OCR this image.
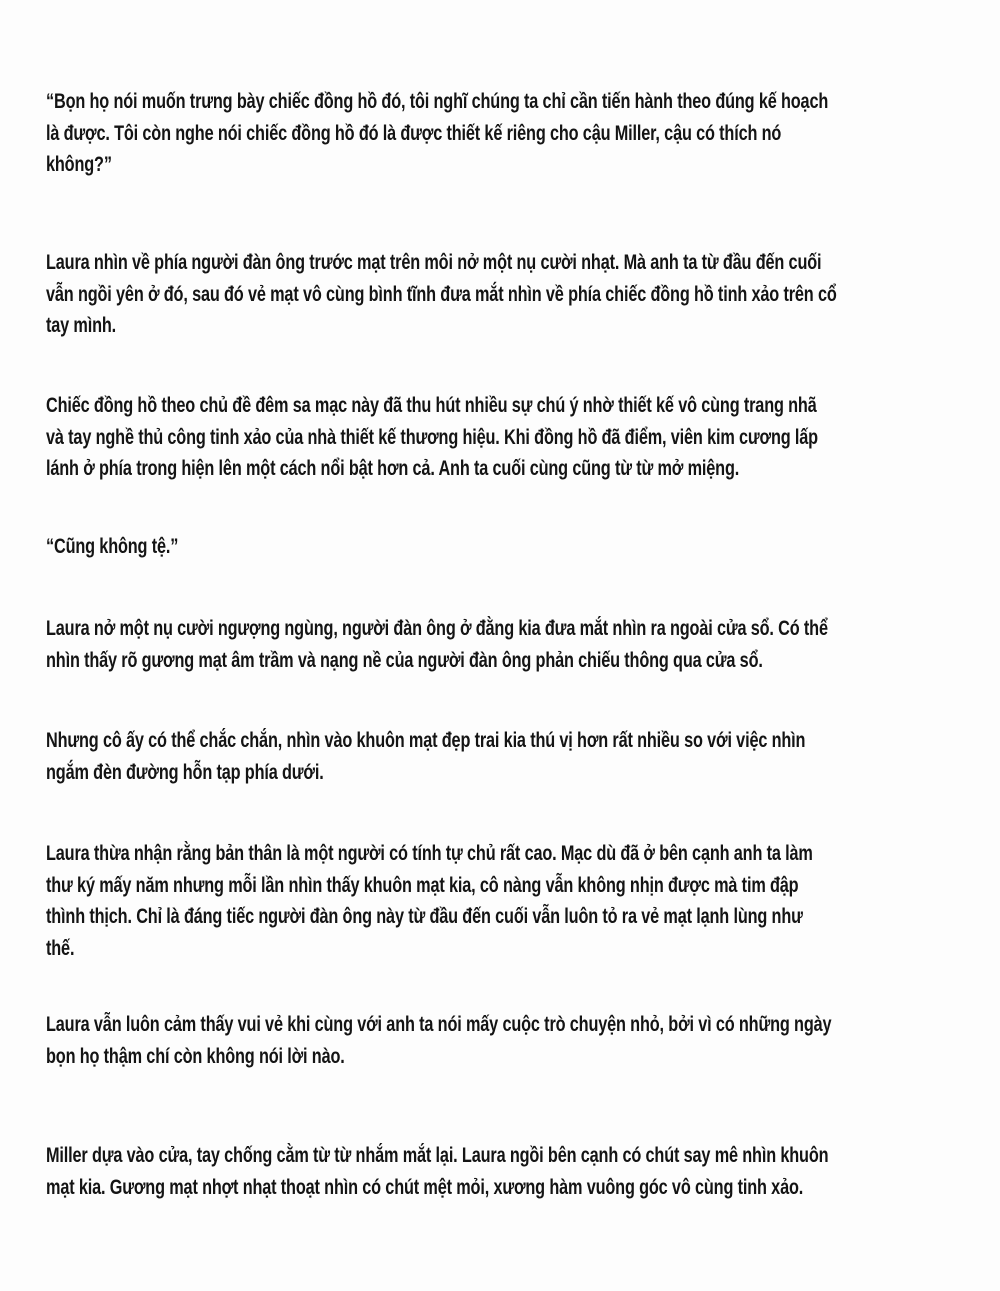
“Bọn họ nói muốn trưng bày chiếc đồng hồ đó, tôi nghĩ chúng ta chỉ cần tiến hành theo đúng kế hoạch
là được. Tôi còn nghe nói chiếc đồng hồ đó là được thiết kế riêng cho cậu Miller, cậu có thích nó
không?”
Laura nhìn về phía người đàn ông trước mạt trên môi nở một nụ cười nhạt. Mà anh ta từ đầu đến cuối
vẫn ngồi yên ở đó, sau đó vẻ mạt vô cùng bình tĩnh đưa mắt nhìn về phía chiếc đồng hồ tinh xảo trên cổ
tay mình.
Chiếc đồng hồ theo chủ đề đêm sa mạc này đã thu hút nhiều sự chú ý nhờ thiết kế vô cùng trang nhã
và tay nghề thủ công tinh xảo của nhà thiết kế thương hiệu. Khi đồng hồ đã điểm, viên kim cương lấp
lánh ở phía trong hiện lên một cách nổi bật hơn cả. Anh ta cuối cùng cũng từ từ mở miệng.
“Cũng không tệ.”
Laura nở một nụ cười ngượng ngùng, người đàn ông ở đằng kia đưa mắt nhìn ra ngoài cửa sổ. Có thể
nhìn thấy rõ gương mạt âm trầm và nạng nề của người đàn ông phản chiếu thông qua cửa sổ.
Nhưng cô ấy có thể chắc chắn, nhìn vào khuôn mạt đẹp trai kia thú vị hơn rất nhiều so với việc nhìn
ngắm đèn đường hỗn tạp phía dưới.
Laura thừa nhận rằng bản thân là một người có tính tự chủ rất cao. Mạc dù đã ở bên cạnh anh ta làm
thư ký mấy năm nhưng mỗi lần nhìn thấy khuôn mạt kia, cô nàng vẫn không nhịn được mà tim đập
thình thịch. Chỉ là đáng tiếc người đàn ông này từ đầu đến cuối vẫn luôn tỏ ra vẻ mạt lạnh lùng như
thế.
Laura vẫn luôn cảm thấy vui vẻ khi cùng với anh ta nói mấy cuộc trò chuyện nhỏ, bởi vì có những ngày
bọn họ thậm chí còn không nói lời nào.
Miller dựa vào cửa, tay chống cằm từ từ nhắm mắt lại. Laura ngồi bên cạnh có chút say mê nhìn khuôn
mạt kia. Gương mạt nhợt nhạt thoạt nhìn có chút mệt mỏi, xương hàm vuông góc vô cùng tinh xảo.
